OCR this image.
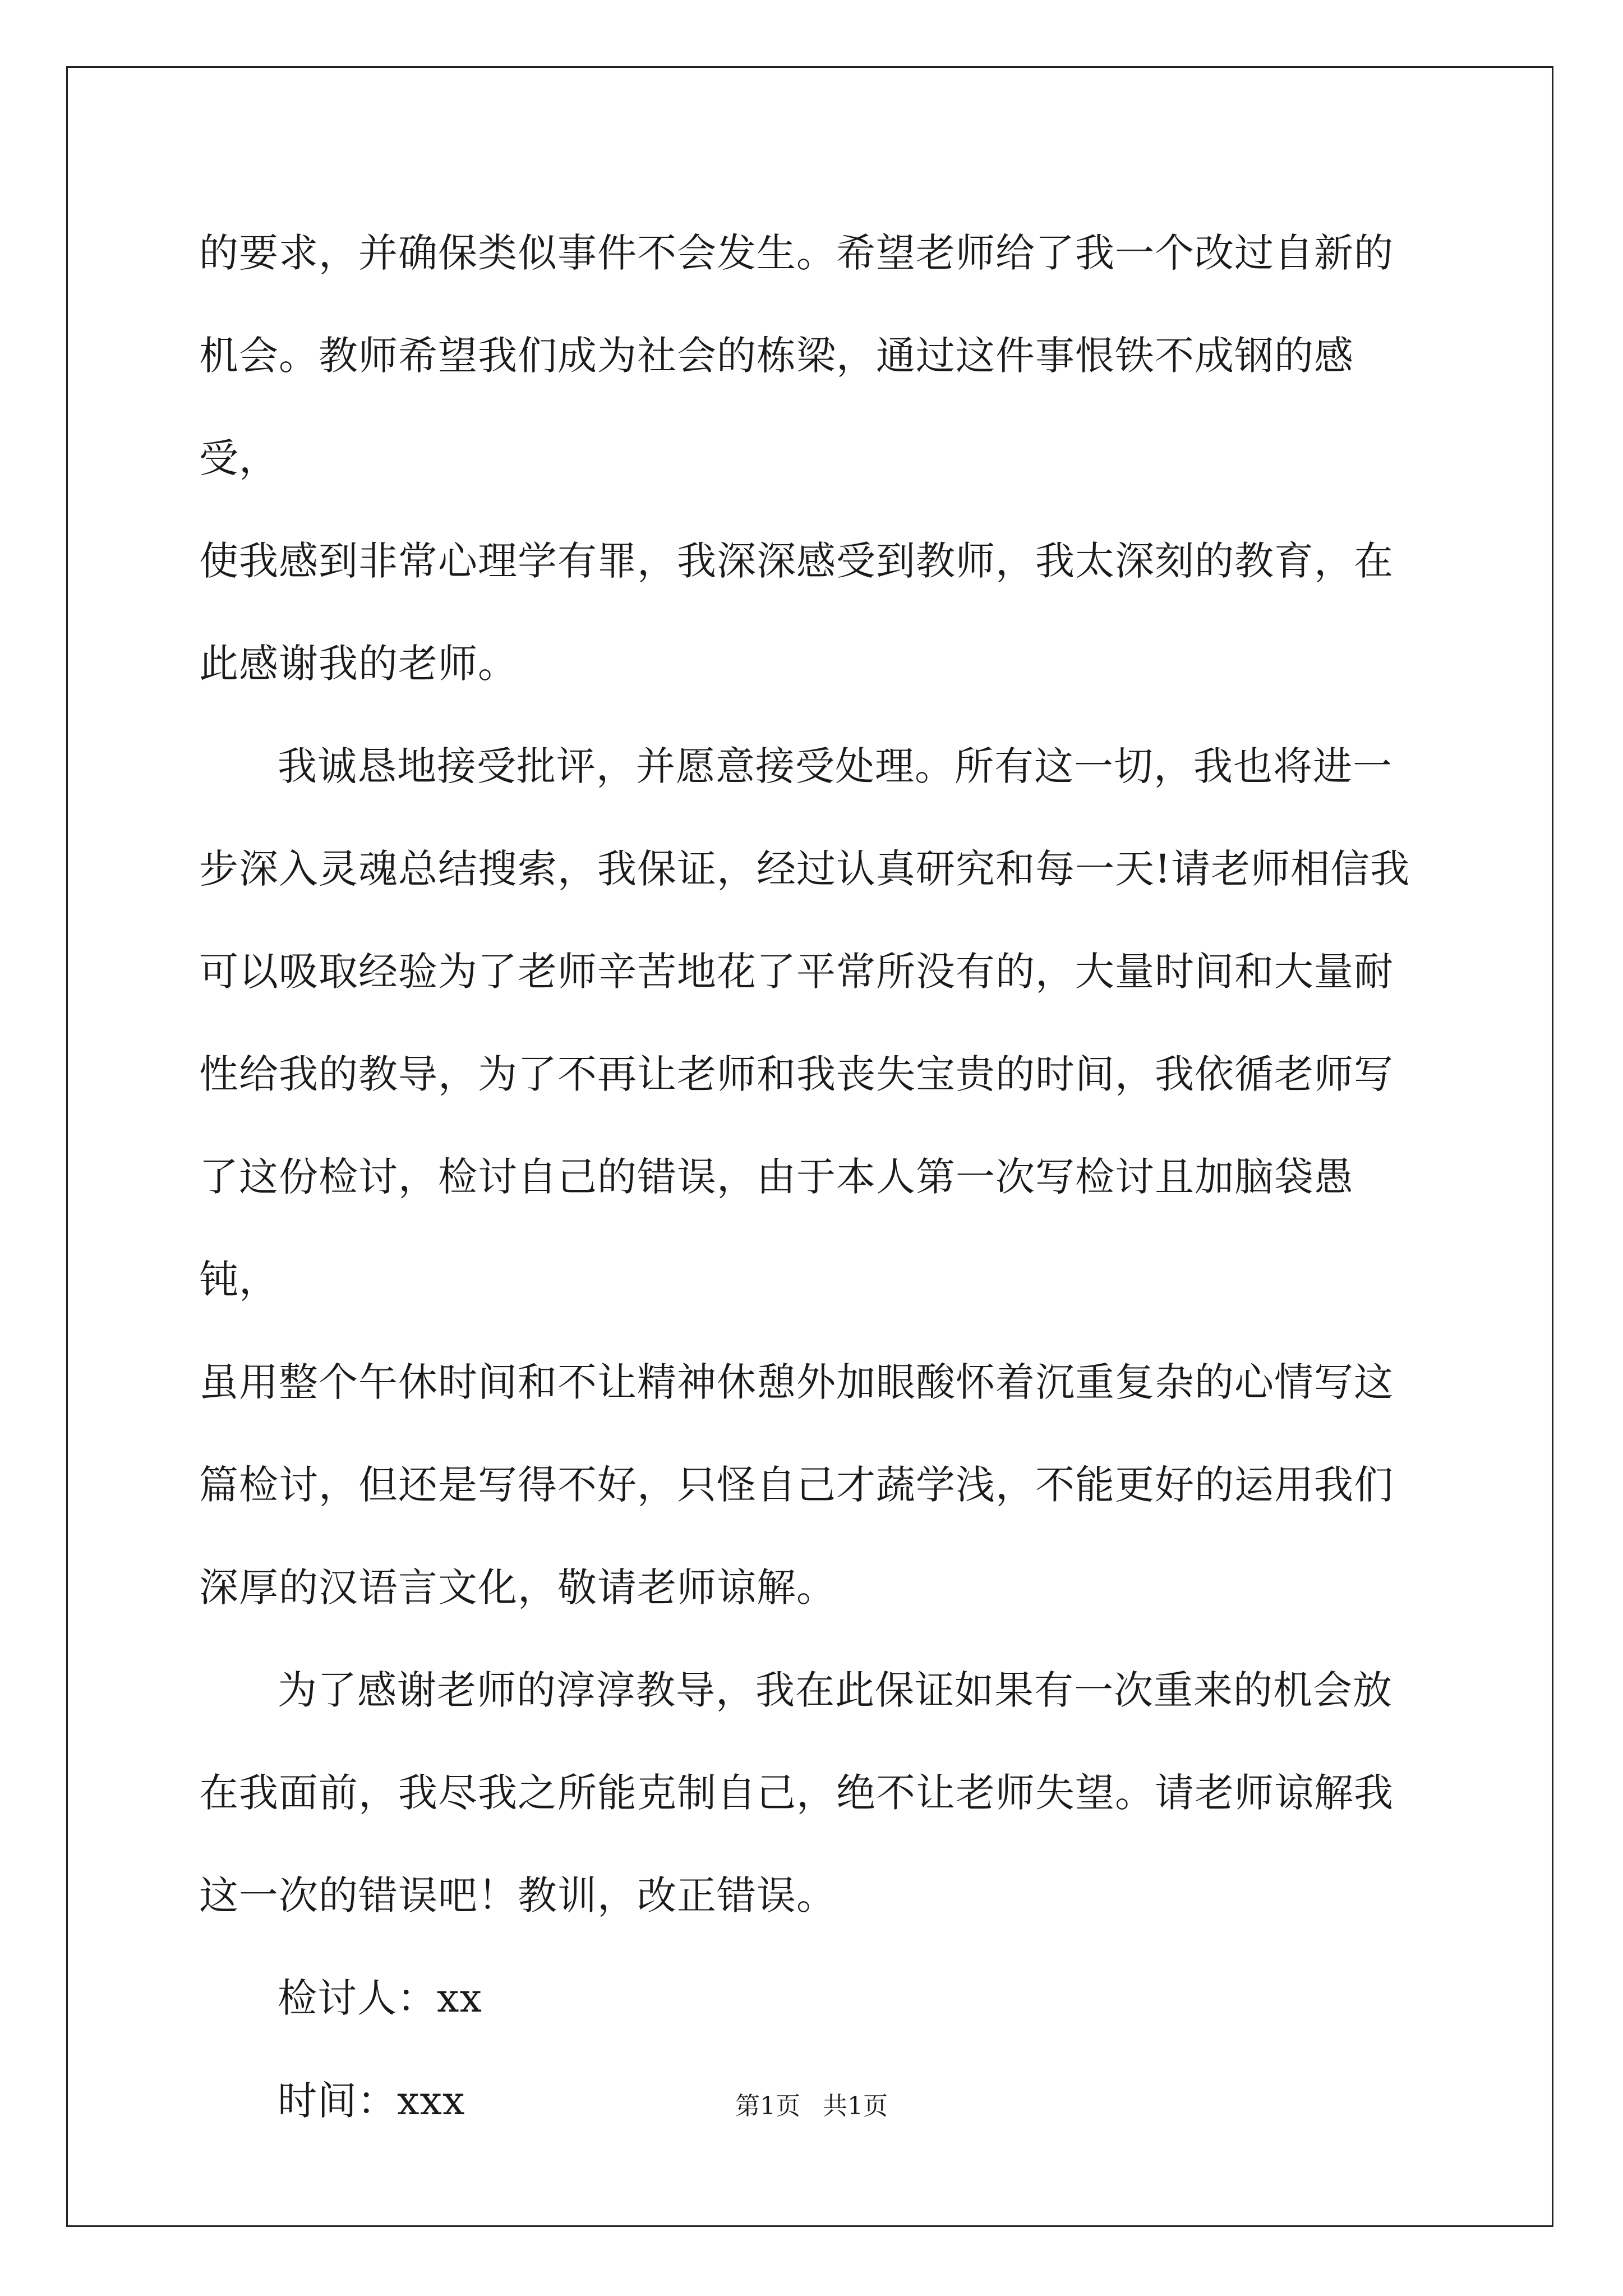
的要求，并确保类似事件不会发生。希望老师给了我一个改过自新的
机会。教师希望我们成为社会的栋梁，通过这件事恨铁不成钢的感受，
使我感到非常心理学有罪，我深深感受到教师，我太深刻的教育，在
此感谢我的老师。

我诚恳地接受批评，并愿意接受处理。所有这一切，我也将进一
步深入灵魂总结搜索，我保证，经过认真研究和每一天!请老师相信我
可以吸取经验为了老师辛苦地花了平常所没有的，大量时间和大量耐
性给我的教导，为了不再让老师和我丧失宝贵的时间，我依循老师写
了这份检讨，检讨自己的错误，由于本人第一次写检讨且加脑袋愚钝，
虽用整个午休时间和不让精神休憩外加眼酸怀着沉重复杂的心情写这
篇检讨，但还是写得不好，只怪自己才蔬学浅，不能更好的运用我们
深厚的汉语言文化，敬请老师谅解。

为了感谢老师的淳淳教导，我在此保证如果有一次重来的机会放
在我面前，我尽我之所能克制自己，绝不让老师失望。请老师谅解我
这一次的错误吧！教训，改正错误。

检讨人：xx

时间：xxx	第1页 共1页
